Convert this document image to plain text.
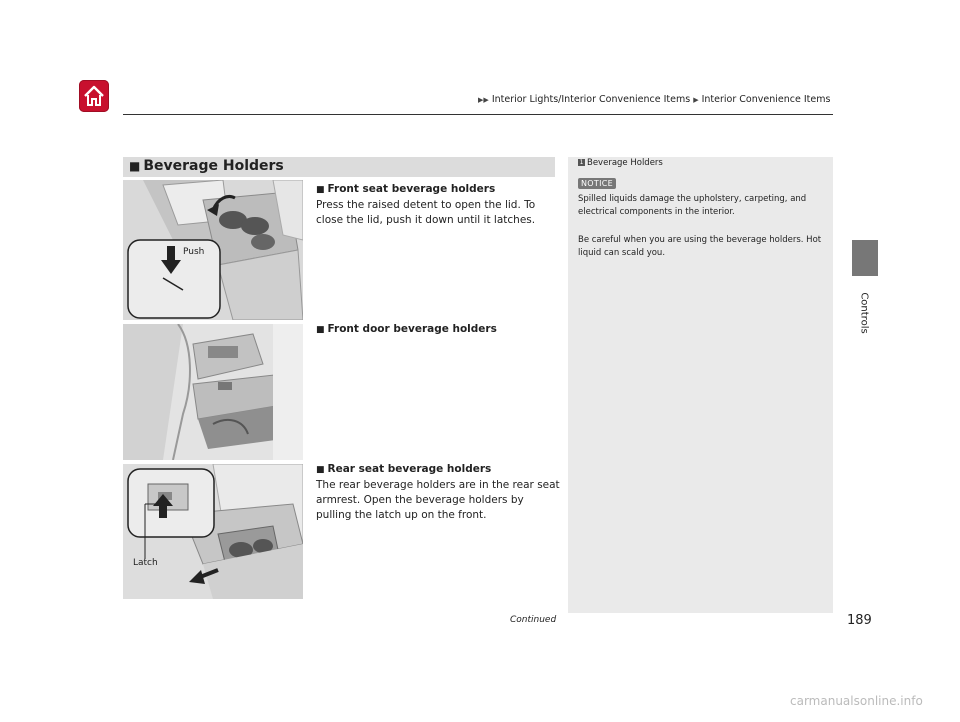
▶▶ Interior Lights/Interior Convenience Items ▶ Interior Convenience Items
Controls
■ Beverage Holders
Push
Latch
■ Front seat beverage holders

Press the raised detent to open the lid. To close the lid, push it down until it latches.

■ Front door beverage holders
■ Rear seat beverage holders

The rear beverage holders are in the rear seat armrest. Open the beverage holders by pulling the latch up on the front.

1 Beverage Holders
NOTICE
Spilled liquids damage the upholstery, carpeting, and electrical components in the interior.
Be careful when you are using the beverage holders. Hot liquid can scald you.
Continued	189
carmanualsonline.info
